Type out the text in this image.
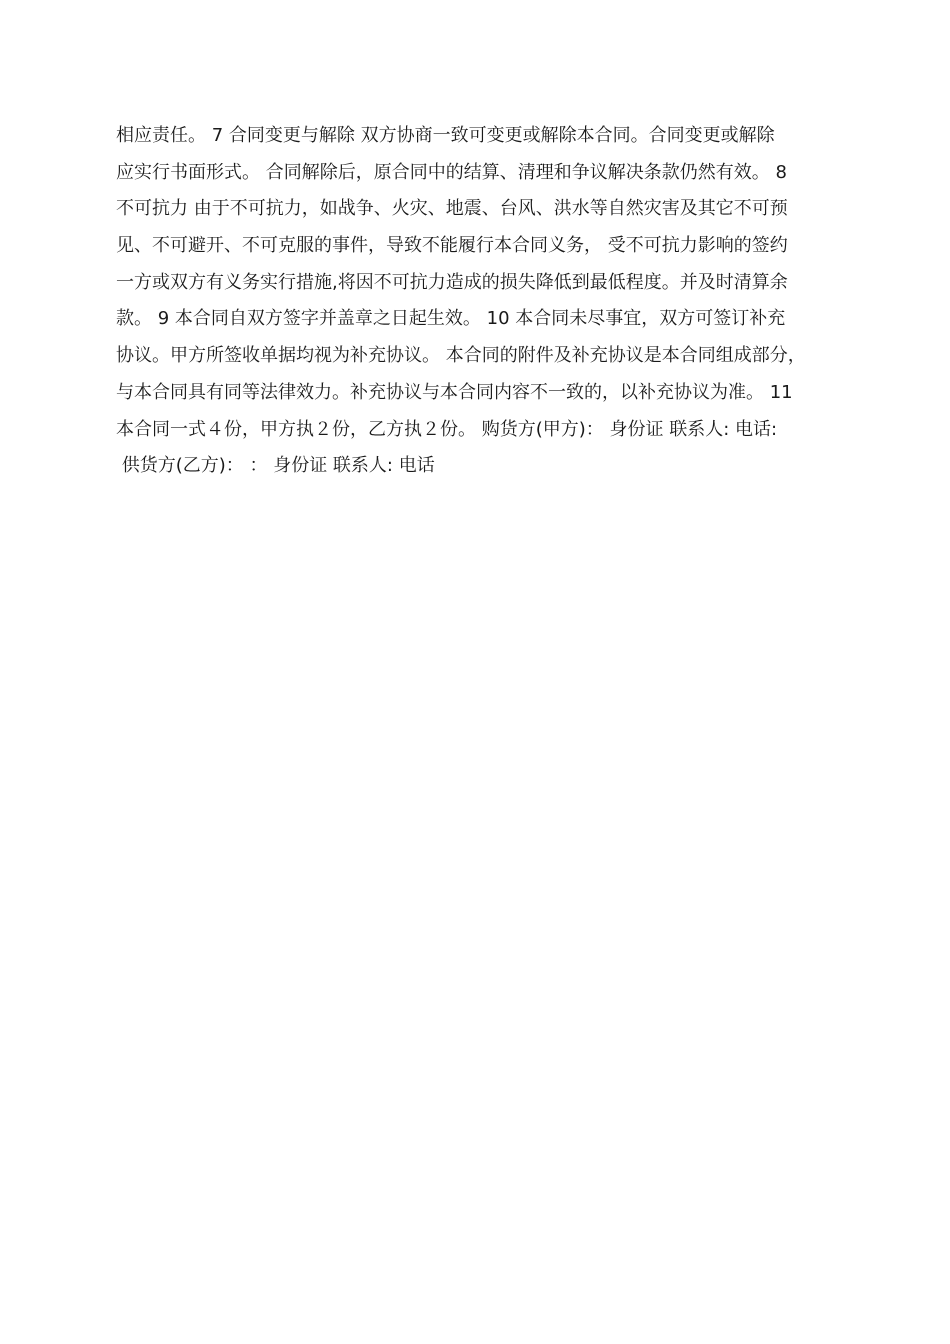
相应责任。 7 合同变更与解除 双方协商一致可变更或解除本合同。合同变更或解除
应实行书面形式。 合同解除后，原合同中的结算、清理和争议解决条款仍然有效。 8
不可抗力 由于不可抗力，如战争、火灾、地震、台风、洪水等自然灾害及其它不可预
见、不可避开、不可克服的事件，导致不能履行本合同义务， 受不可抗力影响的签约
一方或双方有义务实行措施,将因不可抗力造成的损失降低到最低程度。并及时清算余
款。 9 本合同自双方签字并盖章之日起生效。 10 本合同未尽事宜，双方可签订补充
协议。甲方所签收单据均视为补充协议。 本合同的附件及补充协议是本合同组成部分，
与本合同具有同等法律效力。补充协议与本合同内容不一致的，以补充协议为准。 11
本合同一式４份，甲方执２份，乙方执２份。 购货方(甲方)： 身份证 联系人: 电话:
供货方(乙方)： ： 身份证 联系人: 电话
